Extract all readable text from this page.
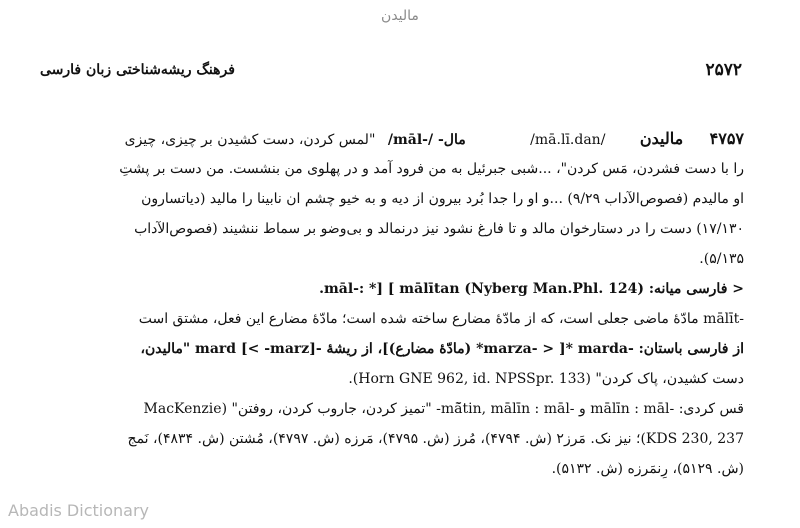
مالیدن
فرهنگ ریشه‌شناختی زبان فارسی	۲۵۷۲
۴۷۵۷ مالیدن /mā.lī.dan/ مال- /-māl/ "لمس کردن، دست کشیدن بر چیزی، چیزی
را با دست فشردن، مَس کردن"، ...شبی جبرئیل به من فرود آمد و در پهلوی من بنشست. من دست بر پشتِ
او مالیدم (فصوص‌الآداب ۹/۲۹) ...و او را جدا بُرد بیرون از دیه و به خیو چشم ان نابینا را مالید (دیاتسارون
۱۷/۱۳۰) دست را در دستارخوان مالد و تا فارغ نشود نیز درنمالد و بی‌وضو بر سماط ننشیند (فصوص‌الآداب
۵/۱۳۵).
< فارسی میانه: māl-: *] [ mālītan (Nyberg Man.Phl. 124).
-mālīt مادّهٔ ماضی جعلی است، که از مادّهٔ مضارع ساخته شده است؛ مادّهٔ مضارع این فعل، مشتق است
از فارسی باستان: -marda *[ < -marza* (مادّهٔ مضارع)]، از ریشهٔ -mard [< -marz] "مالیدن،
دست کشیدن، پاک کردن" (Horn GNE 962, id. NPSSpr. 133).
قس کردی: -mālīn : māl و -mā̆tin, mālīn : māl- "تمیز کردن، جاروب کردن، روفتن" (MacKenzie
KDS 230, 237)؛ نیز نک. مَرز۲ (ش. ۴۷۹۴)، مُرز (ش. ۴۷۹۵)، مَرزه (ش. ۴۷۹۷)، مُشتن (ش. ۴۸۳۴)، نَمج
(ش. ۵۱۲۹)، رِنمَرزه (ش. ۵۱۳۲).
Abadis Dictionary
